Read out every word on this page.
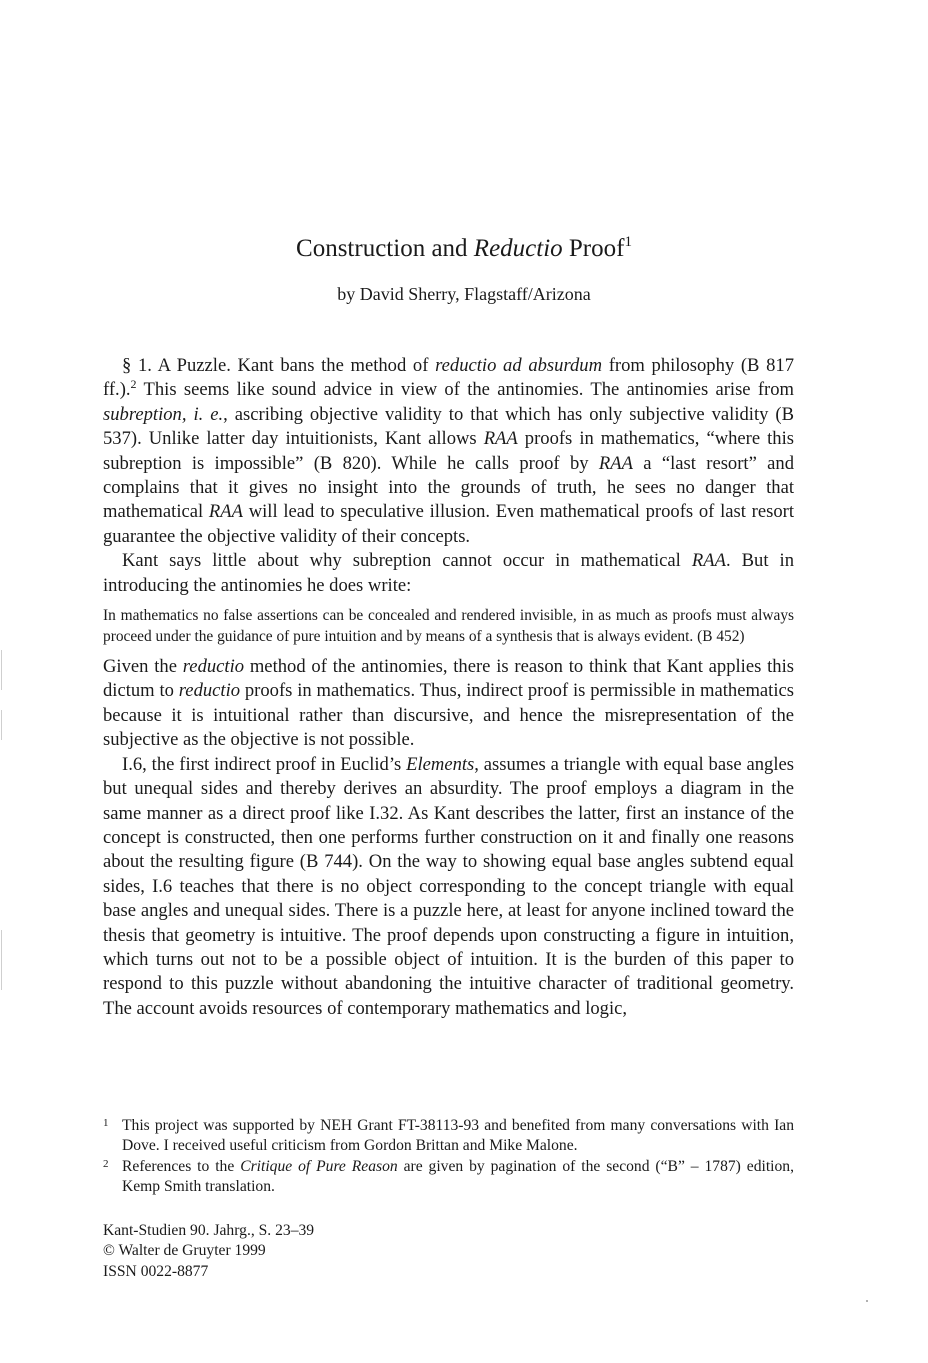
Construction and Reductio Proof$^1$
by David Sherry, Flagstaff/Arizona

§ 1. A Puzzle. Kant bans the method of reductio ad absurdum from philosophy (B 817 ff.).$^2$ This seems like sound advice in view of the antinomies. The antinomies arise from subreption, i. e., ascribing objective validity to that which has only subjective validity (B 537). Unlike latter day intuitionists, Kant allows RAA proofs in mathematics, “where this subreption is impossible” (B 820). While he calls proof by RAA a “last resort” and complains that it gives no insight into the grounds of truth, he sees no danger that mathematical RAA will lead to speculative illusion. Even mathematical proofs of last resort guarantee the objective validity of their concepts.

Kant says little about why subreption cannot occur in mathematical RAA. But in introducing the antinomies he does write:

In mathematics no false assertions can be concealed and rendered invisible, in as much as proofs must always proceed under the guidance of pure intuition and by means of a synthesis that is always evident. (B 452)

Given the reductio method of the antinomies, there is reason to think that Kant applies this dictum to reductio proofs in mathematics. Thus, indirect proof is permissible in mathematics because it is intuitional rather than discursive, and hence the misrepresentation of the subjective as the objective is not possible.

I.6, the first indirect proof in Euclid’s Elements, assumes a triangle with equal base angles but unequal sides and thereby derives an absurdity. The proof employs a diagram in the same manner as a direct proof like I.32. As Kant describes the latter, first an instance of the concept is constructed, then one performs further construction on it and finally one reasons about the resulting figure (B 744). On the way to showing equal base angles subtend equal sides, I.6 teaches that there is no object corresponding to the concept triangle with equal base angles and unequal sides. There is a puzzle here, at least for anyone inclined toward the thesis that geometry is intuitive. The proof depends upon constructing a figure in intuition, which turns out not to be a possible object of intuition. It is the burden of this paper to respond to this puzzle without abandoning the intuitive character of traditional geometry. The account avoids resources of contemporary mathematics and logic,

1 This project was supported by NEH Grant FT-38113-93 and benefited from many conversations with Ian Dove. I received useful criticism from Gordon Brittan and Mike Malone.
2 References to the Critique of Pure Reason are given by pagination of the second (“B” – 1787) edition, Kemp Smith translation.
Kant-Studien 90. Jahrg., S. 23–39
© Walter de Gruyter 1999
ISSN 0022-8877
